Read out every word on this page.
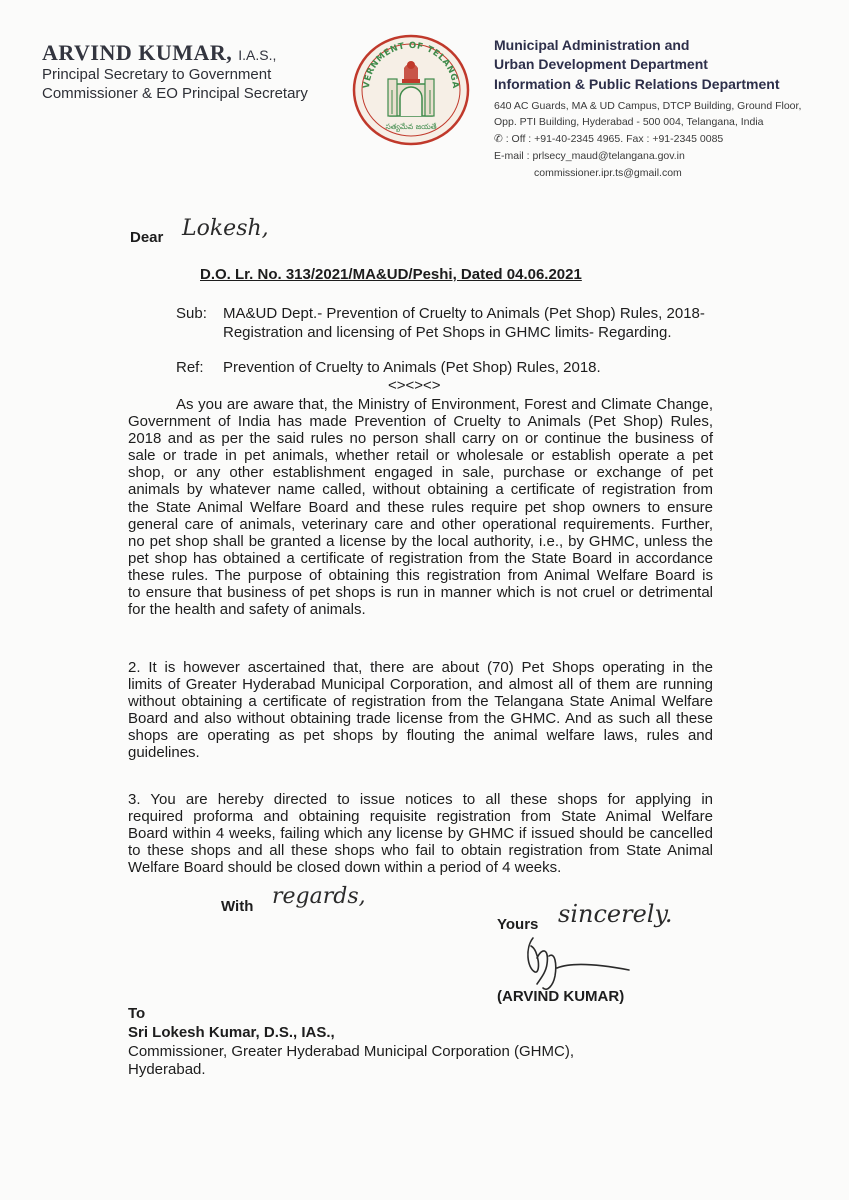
ARVIND KUMAR, I.A.S.,
Principal Secretary to Government
Commissioner & EO Principal Secretary
VERNMENT OF TELANGA
సత్యమేవ జయతే
Municipal Administration and
Urban Development Department
Information & Public Relations Department
640 AC Guards, MA & UD Campus, DTCP Building, Ground Floor,
Opp. PTI Building, Hyderabad - 500 004, Telangana, India
✆ : Off : +91-40-2345 4965. Fax : +91-2345 0085
E-mail : prlsecy_maud@telangana.gov.in
commissioner.ipr.ts@gmail.com
Dear Lokesh,
D.O. Lr. No. 313/2021/MA&UD/Peshi, Dated 04.06.2021
Sub: MA&UD Dept.- Prevention of Cruelty to Animals (Pet Shop) Rules, 2018-
Registration and licensing of Pet Shops in GHMC limits- Regarding.
Ref: Prevention of Cruelty to Animals (Pet Shop) Rules, 2018.
<><><>
As you are aware that, the Ministry of Environment, Forest and Climate Change,
Government of India has made Prevention of Cruelty to Animals (Pet Shop) Rules,
2018 and as per the said rules no person shall carry on or continue the business of
sale or trade in pet animals, whether retail or wholesale or establish operate a pet
shop, or any other establishment engaged in sale, purchase or exchange of pet
animals by whatever name called, without obtaining a certificate of registration from
the State Animal Welfare Board and these rules require pet shop owners to ensure
general care of animals, veterinary care and other operational requirements. Further,
no pet shop shall be granted a license by the local authority, i.e., by GHMC, unless the
pet shop has obtained a certificate of registration from the State Board in accordance
these rules. The purpose of obtaining this registration from Animal Welfare Board is
to ensure that business of pet shops is run in manner which is not cruel or detrimental
for the health and safety of animals.
2. It is however ascertained that, there are about (70) Pet Shops operating in the
limits of Greater Hyderabad Municipal Corporation, and almost all of them are running
without obtaining a certificate of registration from the Telangana State Animal Welfare
Board and also without obtaining trade license from the GHMC. And as such all these
shops are operating as pet shops by flouting the animal welfare laws, rules and
guidelines.
3. You are hereby directed to issue notices to all these shops for applying in
required proforma and obtaining requisite registration from State Animal Welfare
Board within 4 weeks, failing which any license by GHMC if issued should be cancelled
to these shops and all these shops who fail to obtain registration from State Animal
Welfare Board should be closed down within a period of 4 weeks.
With regards,
Yours sincerely.
(ARVIND KUMAR)
To
Sri Lokesh Kumar, D.S., IAS.,
Commissioner, Greater Hyderabad Municipal Corporation (GHMC),
Hyderabad.
